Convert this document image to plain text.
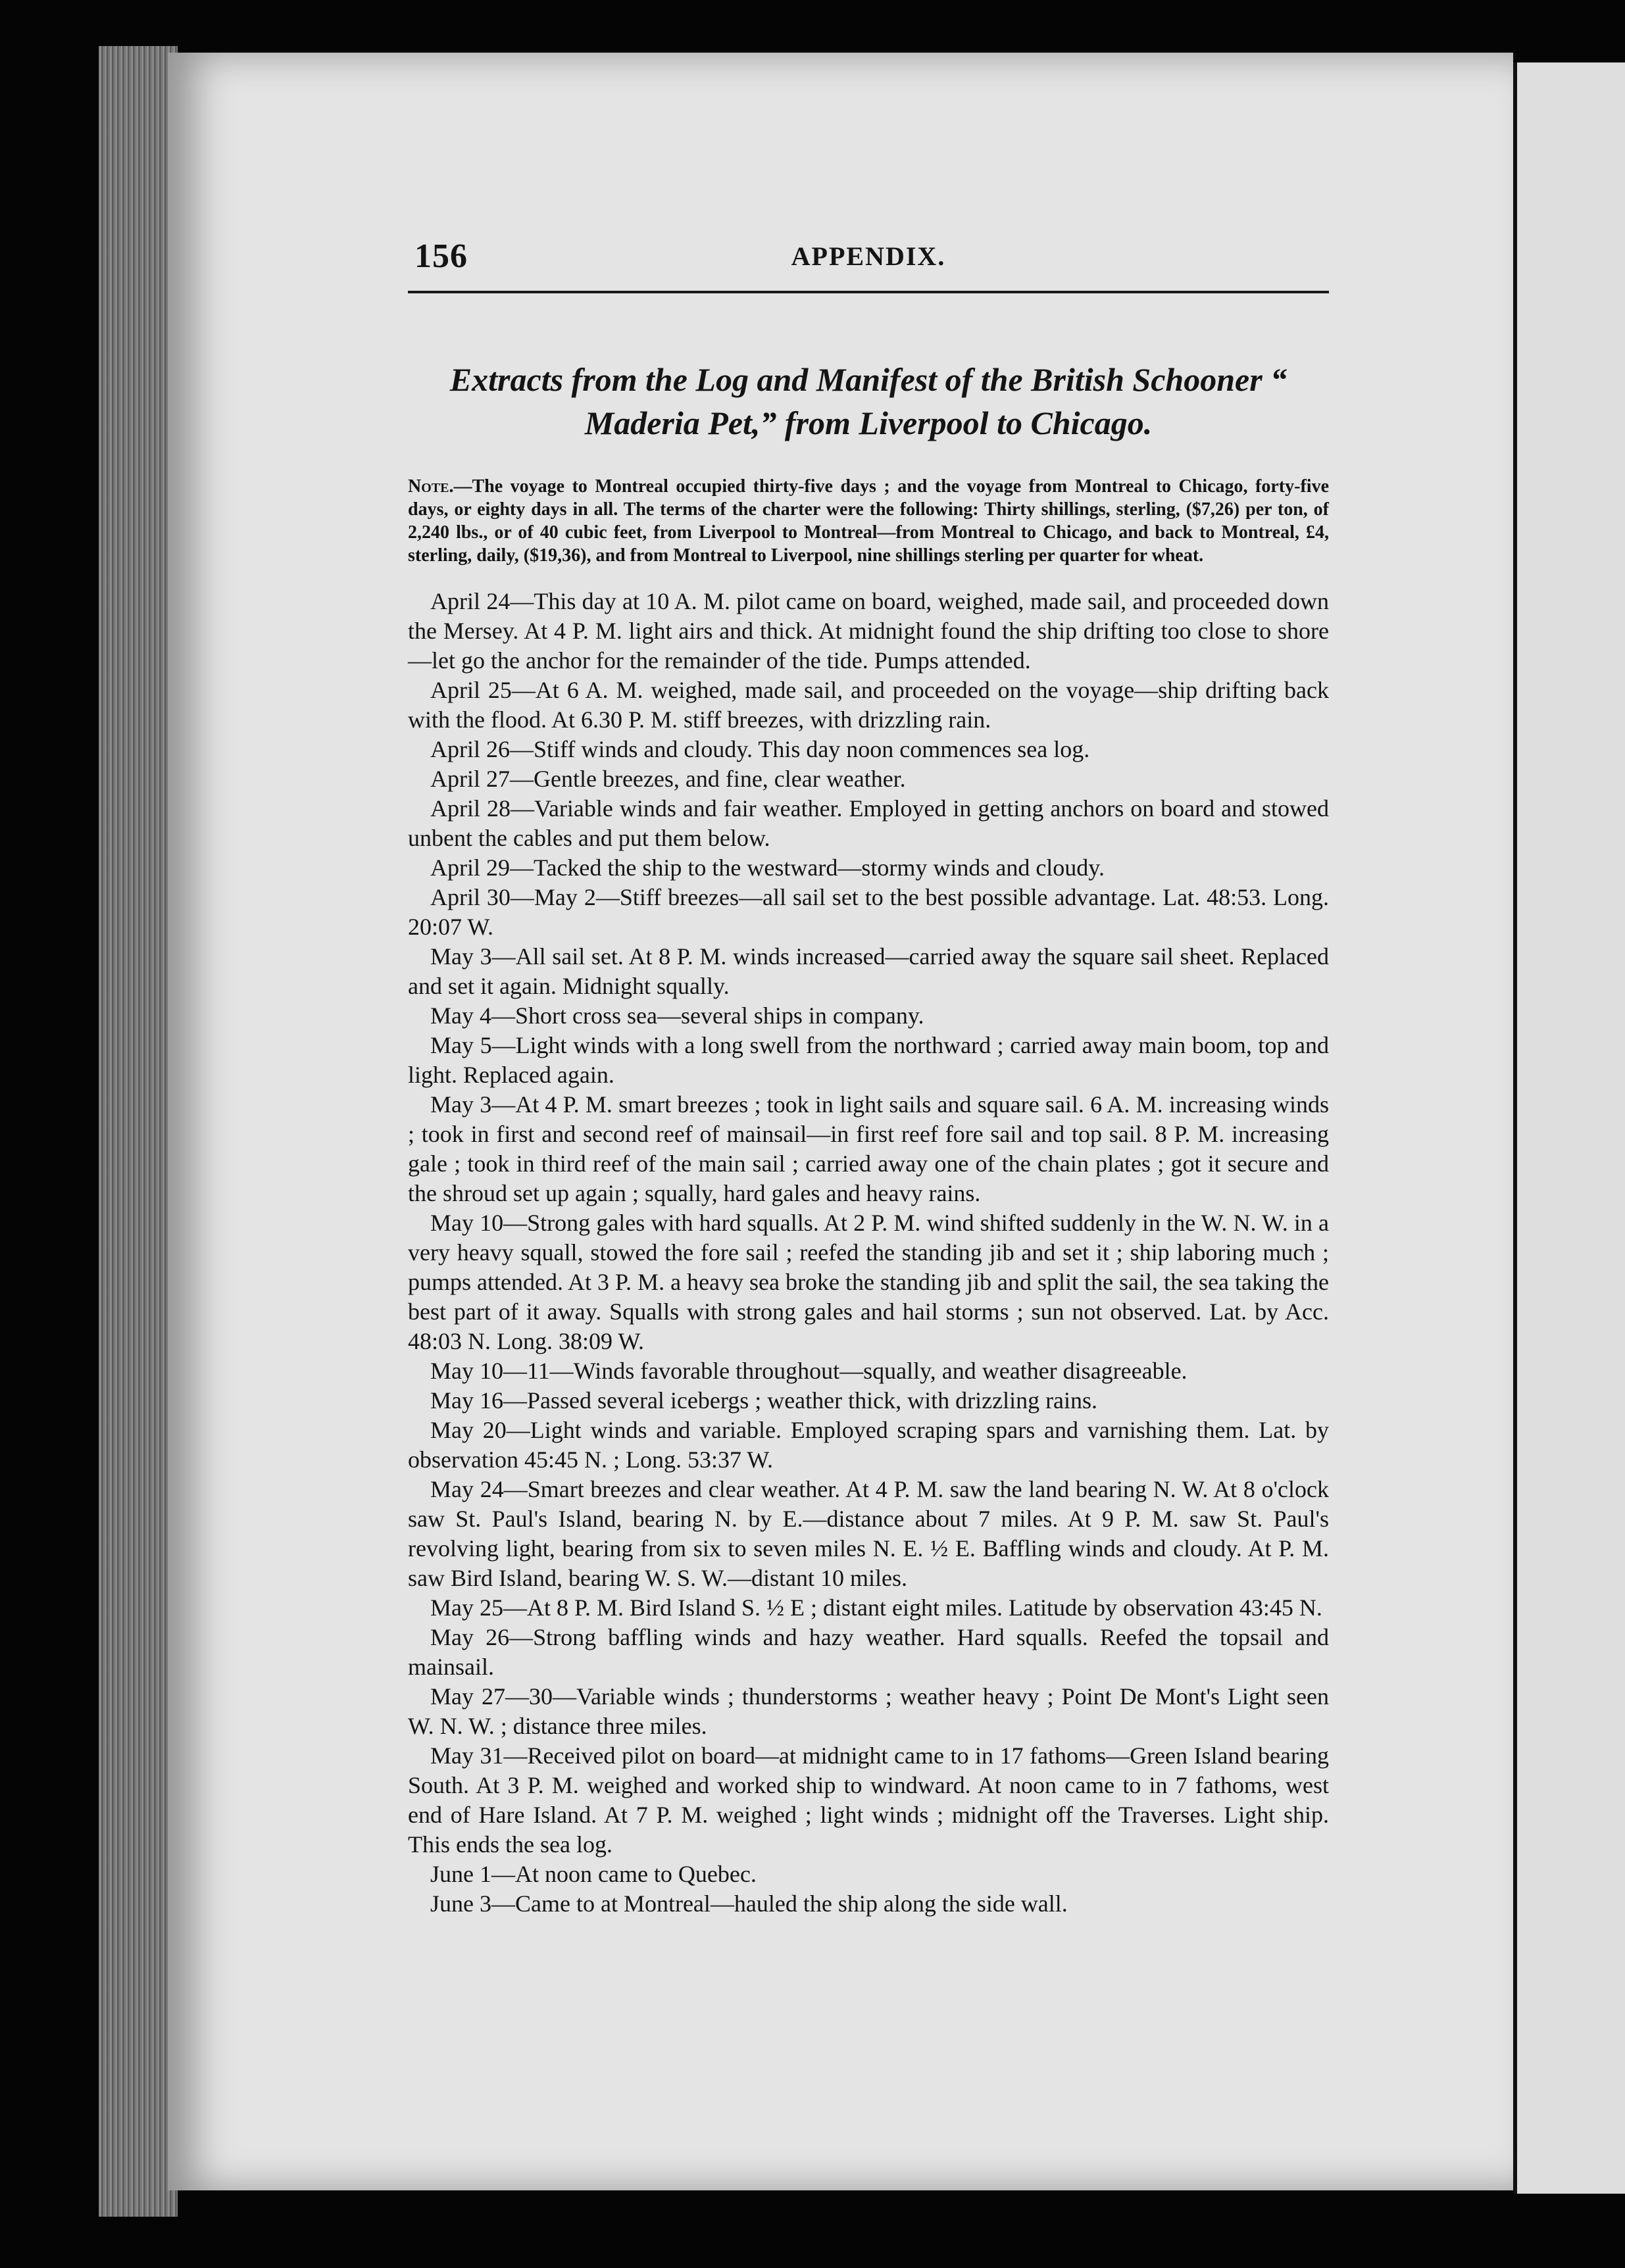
156	APPENDIX.
Extracts from the Log and Manifest of the British Schooner “ Maderia Pet,” from Liverpool to Chicago.

Note.—The voyage to Montreal occupied thirty-five days ; and the voyage from Montreal to Chicago, forty-five days, or eighty days in all. The terms of the charter were the following: Thirty shillings, sterling, ($7,26) per ton, of 2,240 lbs., or of 40 cubic feet, from Liverpool to Montreal—from Montreal to Chicago, and back to Montreal, £4, sterling, daily, ($19,36), and from Montreal to Liverpool, nine shillings sterling per quarter for wheat.

April 24—This day at 10 A. M. pilot came on board, weighed, made sail, and proceeded down the Mersey. At 4 P. M. light airs and thick. At midnight found the ship drifting too close to shore—let go the anchor for the remainder of the tide. Pumps attended.

April 25—At 6 A. M. weighed, made sail, and proceeded on the voyage—ship drifting back with the flood. At 6.30 P. M. stiff breezes, with drizzling rain.

April 26—Stiff winds and cloudy. This day noon commences sea log.

April 27—Gentle breezes, and fine, clear weather.

April 28—Variable winds and fair weather. Employed in getting anchors on board and stowed unbent the cables and put them below.

April 29—Tacked the ship to the westward—stormy winds and cloudy.

April 30—May 2—Stiff breezes—all sail set to the best possible advantage. Lat. 48:53. Long. 20:07 W.

May 3—All sail set. At 8 P. M. winds increased—carried away the square sail sheet. Replaced and set it again. Midnight squally.

May 4—Short cross sea—several ships in company.

May 5—Light winds with a long swell from the northward ; carried away main boom, top and light. Replaced again.

May 3—At 4 P. M. smart breezes ; took in light sails and square sail. 6 A. M. increasing winds ; took in first and second reef of mainsail—in first reef fore sail and top sail. 8 P. M. increasing gale ; took in third reef of the main sail ; carried away one of the chain plates ; got it secure and the shroud set up again ; squally, hard gales and heavy rains.

May 10—Strong gales with hard squalls. At 2 P. M. wind shifted suddenly in the W. N. W. in a very heavy squall, stowed the fore sail ; reefed the standing jib and set it ; ship laboring much ; pumps attended. At 3 P. M. a heavy sea broke the standing jib and split the sail, the sea taking the best part of it away. Squalls with strong gales and hail storms ; sun not observed. Lat. by Acc. 48:03 N. Long. 38:09 W.

May 10—11—Winds favorable throughout—squally, and weather disagreeable.

May 16—Passed several icebergs ; weather thick, with drizzling rains.

May 20—Light winds and variable. Employed scraping spars and varnishing them. Lat. by observation 45:45 N. ; Long. 53:37 W.

May 24—Smart breezes and clear weather. At 4 P. M. saw the land bearing N. W. At 8 o'clock saw St. Paul's Island, bearing N. by E.—distance about 7 miles. At 9 P. M. saw St. Paul's revolving light, bearing from six to seven miles N. E. ½ E. Baffling winds and cloudy. At P. M. saw Bird Island, bearing W. S. W.—distant 10 miles.

May 25—At 8 P. M. Bird Island S. ½ E ; distant eight miles. Latitude by observation 43:45 N.

May 26—Strong baffling winds and hazy weather. Hard squalls. Reefed the topsail and mainsail.

May 27—30—Variable winds ; thunderstorms ; weather heavy ; Point De Mont's Light seen W. N. W. ; distance three miles.

May 31—Received pilot on board—at midnight came to in 17 fathoms—Green Island bearing South. At 3 P. M. weighed and worked ship to windward. At noon came to in 7 fathoms, west end of Hare Island. At 7 P. M. weighed ; light winds ; midnight off the Traverses. Light ship. This ends the sea log.

June 1—At noon came to Quebec.

June 3—Came to at Montreal—hauled the ship along the side wall.
